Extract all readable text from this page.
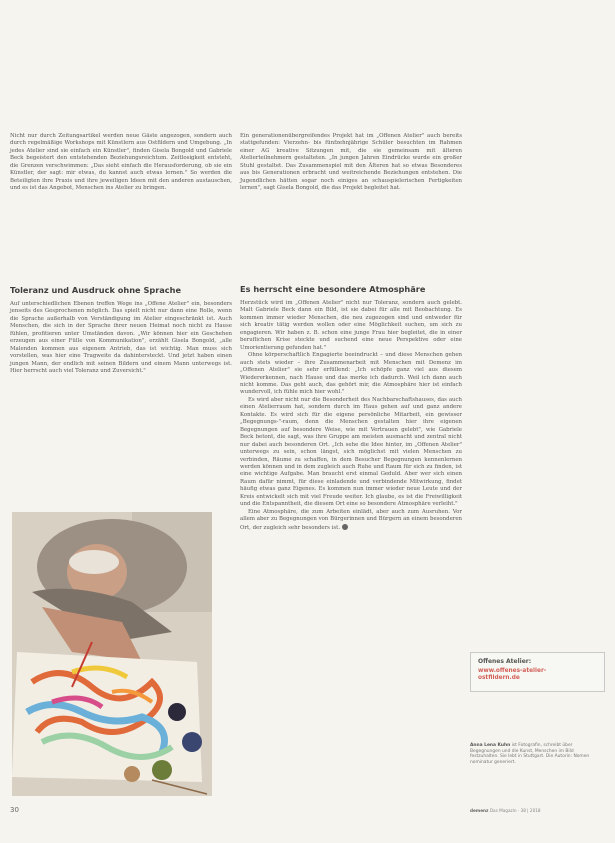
Nicht nur durch Zeitungsartikel werden neue Gäste angezogen, sondern auch durch regelmäßige Workshops mit Künstlern aus Ostfildern und Umgebung. „In jedes Atelier sind sie einfach ein Künstler", finden Gisela Bongold und Gabriele Beck begeistert den entstehenden Beziehungsreichtum. Zeitlosigkeit entsteht, die Grenzen verschwimmen: „Das sieht einfach die Herausforderung, ob sie ein Künstler, der sagt: mir etwas, du kannst auch etwas lernen." So werden die Beteiligten ihre Praxis und ihre jeweiligen Ideen mit den anderen austauschen, und es ist das Angebot, Menschen ins Atelier zu bringen.

Toleranz und Ausdruck ohne Sprache

Auf unterschiedlichen Ebenen treffen Wege ins „Offene Atelier" ein, besonders jenseits des Gesprochenen möglich. Das spielt nicht nur dann eine Rolle, wenn die Sprache außerhalb von Verständigung im Atelier eingeschränkt ist. Auch Menschen, die sich in der Sprache ihrer neuen Heimat noch nicht zu Hause fühlen, profitieren unter Umständen davon. „Wir können hier ein Geschehen erzeugen aus einer Fülle von Kommunikation", erzählt Gisela Bongold, „alle Malenden kommen aus eigenem Antrieb, das ist wichtig. Man muss sich vorstellen, was hier eine Tragweite da dahintersteckt. Und jetzt haben einen jungen Mann, der endlich mit seinen Bildern und einem Mann unterwegs ist. Hier herrscht auch viel Toleranz und Zuversicht."

Ein generationenübergreifendes Projekt hat im „Offenen Atelier" auch bereits stattgefunden: Vierzehn- bis fünfzehnjährige Schüler besuchten im Rahmen einer AG kreative Sitzungen mit, die sie gemeinsam mit älteren Atelierteilnehmern gestalteten. „In jungen Jahren Eindrücke wurde ein großer Stuhl gestaltet. Das Zusammenspiel mit den Älteren hat so etwas Besonderes aus bis Generationen erbracht und weitreichende Beziehungen entstehen. Die Jugendlichen hätten sogar noch einiges an schauspielerischen Fertigkeiten lernen", sagt Gisela Bongold, die das Projekt begleitet hat.

Es herrscht eine besondere Atmosphäre

Herzstück wird im „Offenen Atelier" nicht nur Toleranz, sondern auch gelebt. Malt Gabriele Beck dann ein Bild, ist sie dabei für alle mit Beobachtung. Es kommen immer wieder Menschen, die neu zugezogen sind und entweder für sich kreativ tätig werden wollen oder eine Möglichkeit suchen, um sich zu engagieren. Wir haben z. B. schon eine junge Frau hier begleitet, die in einer beruflichen Krise steckte und suchend eine neue Perspektive oder eine Umorientierung gefunden hat."

Ohne körperschaftlich Engagierte beeindruckt – und diese Menschen gehen auch stets wieder – ihre Zusammenarbeit mit Menschen mit Demenz im „Offenen Atelier" sie sehr erfüllend: „Ich schöpfe ganz viel aus diesem Wiedererkennen, nach Hause und das merke ich dadurch. Weil ich dann auch nicht komme. Das geht auch, das gehört mir, die Atmosphäre hier ist einfach wundervoll, ich fühle mich hier wohl."

Es wird aber nicht nur die Besonderheit des Nachbarschaftshauses, das auch einen Atelierraum hat, sondern durch im Haus gehen auf und ganz andere Kontakte. Es wird sich für die eigene persönliche Mitarbeit, ein gewisser „Begegnungs-"-raum, denn die Menschen gestalten hier ihre eigenen Begegnungen auf besondere Weise, wie mit Vertrauen gelebt", wie Gabriele Beck betont, die sagt, was ihre Gruppe am meisten ausmacht und zentral nicht nur dabei auch besonderen Ort. „Ich sehe die Idee hinter, im „Offenen Atelier" unterwegs zu sein, schon längst, sich möglichst mit vielen Menschen zu verbinden, Räume zu schaffen, in dem Besucher Begegnungen kennenlernen werden können und in dem zugleich auch Ruhe und Raum für sich zu finden, ist eine wichtige Aufgabe. Man braucht erst einmal Geduld. Aber wer sich einen Raum dafür nimmt, für diese einladende und verbindende Mitwirkung, findet häufig etwas ganz Eigenes. Es kommen nun immer wieder neue Leute und der Kreis entwickelt sich mit viel Freude weiter. Ich glaube, es ist die Freiwilligkeit und die Entspanntheit, die diesem Ort eine so besondere Atmosphäre verleiht."

Eine Atmosphäre, die zum Arbeiten einlädt, aber auch zum Ausruhen. Vor allem aber zu Begegnungen von Bürgerinnen und Bürgern an einem besonderen Ort, der zugleich sehr besonders ist.

Offenes Atelier:
www.offenes-atelier-ostfildern.de
Anna Lena Kuhn ist Fotografin, schreibt über Begegnungen und die Kunst, Menschen im Bild festzuhalten. Sie lebt in Stuttgart. Die Autorin: Nomen nominatur generiert.
30	demenz Das Magazin · 38 | 2018
